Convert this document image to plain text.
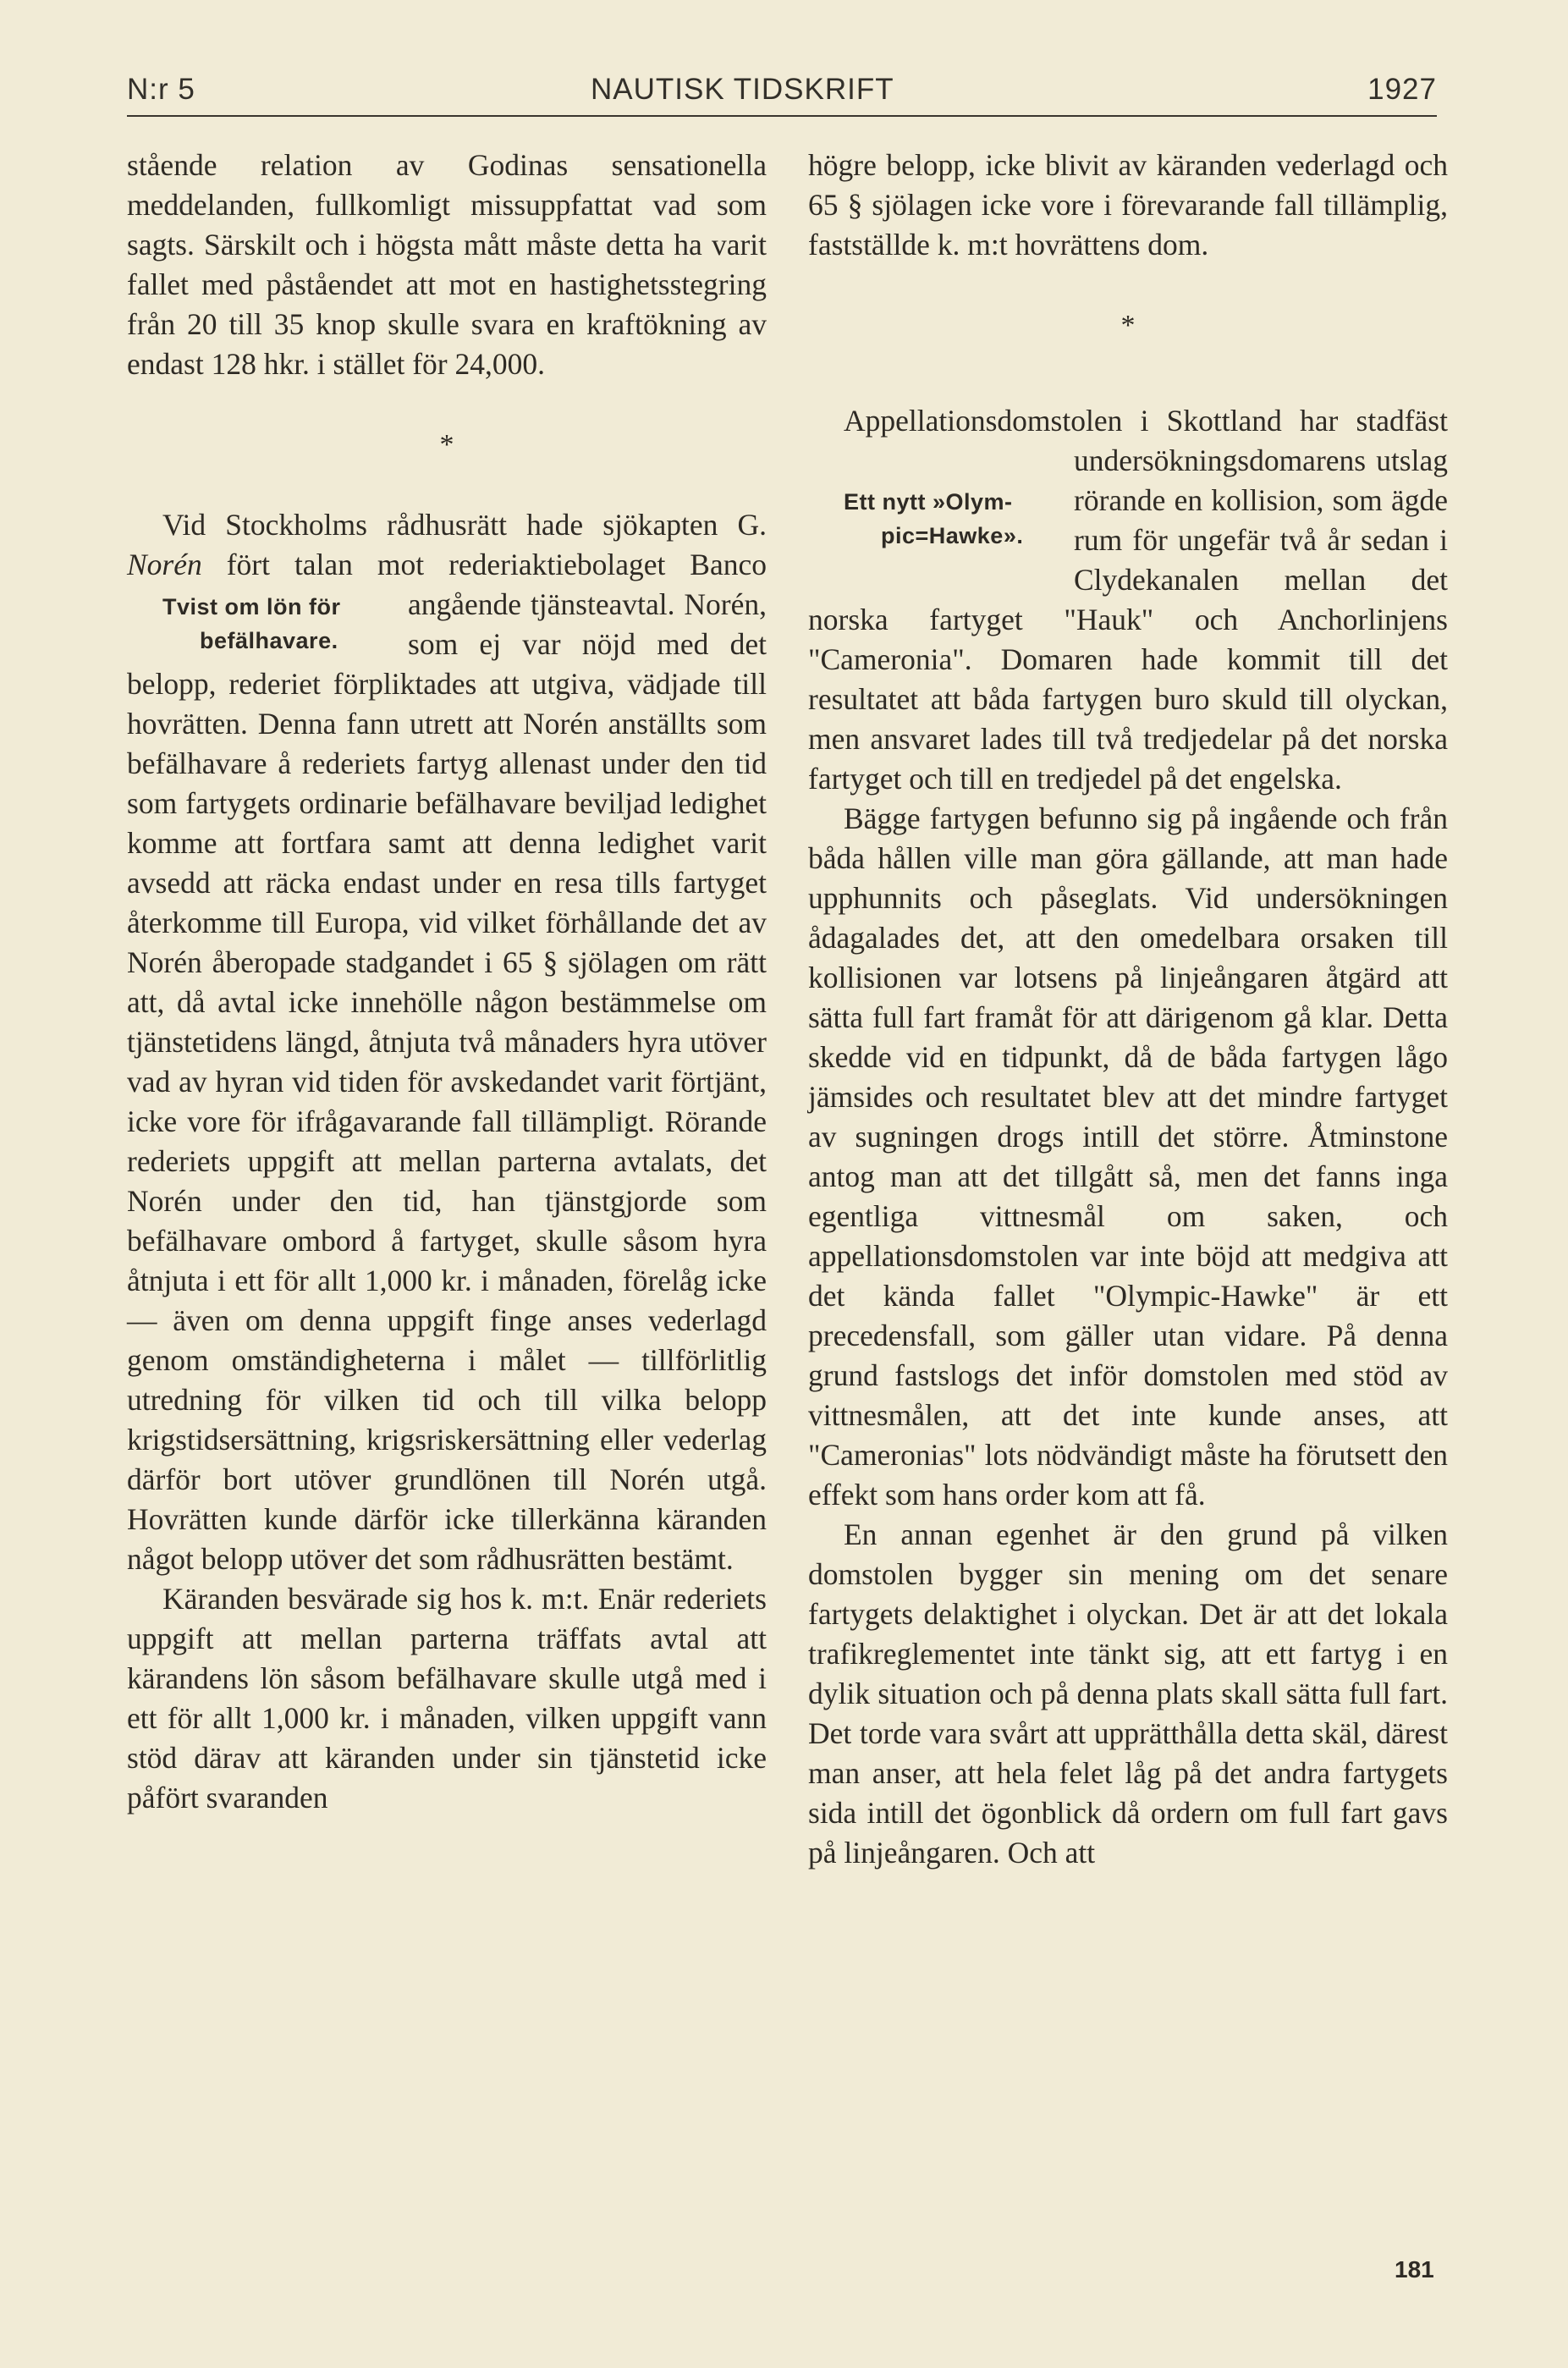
N:r 5	NAUTISK TIDSKRIFT	1927

stående relation av Godinas sensationella meddelanden, fullkomligt missuppfattat vad som sagts. Särskilt och i högsta mått måste detta ha varit fallet med påståendet att mot en hastighetsstegring från 20 till 35 knop skulle svara en kraftökning av endast 128 hkr. i stället för 24,000.

*

Vid Stockholms rådhusrätt hade sjökapten G. Norén fört talan mot rederiaktiebolaget Banco
Tvist om lön för
befälhavare.
angående tjänsteavtal. Norén, som ej var nöjd med det belopp, rederiet förpliktades att utgiva, vädjade till hovrätten. Denna fann utrett att Norén anställts som befälhavare å rederiets fartyg allenast under den tid som fartygets ordinarie befälhavare beviljad ledighet komme att fortfara samt att denna ledighet varit avsedd att räcka endast under en resa tills fartyget återkomme till Europa, vid vilket förhållande det av Norén åberopade stadgandet i 65 § sjölagen om rätt att, då avtal icke innehölle någon bestämmelse om tjänstetidens längd, åtnjuta två månaders hyra utöver vad av hyran vid tiden för avskedandet varit förtjänt, icke vore för ifrågavarande fall tillämpligt. Rörande rederiets uppgift att mellan parterna avtalats, det Norén under den tid, han tjänstgjorde som befälhavare ombord å fartyget, skulle såsom hyra åtnjuta i ett för allt 1,000 kr. i månaden, förelåg icke — även om denna uppgift finge anses vederlagd genom omständigheterna i målet — tillförlitlig utredning för vilken tid och till vilka belopp krigstidsersättning, krigsriskersättning eller vederlag därför bort utöver grundlönen till Norén utgå. Hovrätten kunde därför icke tillerkänna käranden något belopp utöver det som rådhusrätten bestämt.

Käranden besvärade sig hos k. m:t. Enär rederiets uppgift att mellan parterna träffats avtal att kärandens lön såsom befälhavare skulle utgå med i ett för allt 1,000 kr. i månaden, vilken uppgift vann stöd därav att käranden under sin tjänstetid icke påfört svaranden

högre belopp, icke blivit av käranden vederlagd och 65 § sjölagen icke vore i förevarande fall tillämplig, fastställde k. m:t hovrättens dom.

*

Appellationsdomstolen i Skottland har stadfäst undersökningsdomarens utslag
Ett nytt »Olym-
pic=Hawke».
rörande en kollision, som ägde rum för ungefär två år sedan i Clydekanalen mellan det norska fartyget "Hauk" och Anchorlinjens "Cameronia". Domaren hade kommit till det resultatet att båda fartygen buro skuld till olyckan, men ansvaret lades till två tredjedelar på det norska fartyget och till en tredjedel på det engelska.

Bägge fartygen befunno sig på ingående och från båda hållen ville man göra gällande, att man hade upphunnits och påseglats. Vid undersökningen ådagalades det, att den omedelbara orsaken till kollisionen var lotsens på linjeångaren åtgärd att sätta full fart framåt för att därigenom gå klar. Detta skedde vid en tidpunkt, då de båda fartygen lågo jämsides och resultatet blev att det mindre fartyget av sugningen drogs intill det större. Åtminstone antog man att det tillgått så, men det fanns inga egentliga vittnesmål om saken, och appellationsdomstolen var inte böjd att medgiva att det kända fallet "Olympic-Hawke" är ett precedensfall, som gäller utan vidare. På denna grund fastslogs det inför domstolen med stöd av vittnesmålen, att det inte kunde anses, att "Cameronias" lots nödvändigt måste ha förutsett den effekt som hans order kom att få.

En annan egenhet är den grund på vilken domstolen bygger sin mening om det senare fartygets delaktighet i olyckan. Det är att det lokala trafikreglementet inte tänkt sig, att ett fartyg i en dylik situation och på denna plats skall sätta full fart. Det torde vara svårt att upprätthålla detta skäl, därest man anser, att hela felet låg på det andra fartygets sida intill det ögonblick då ordern om full fart gavs på linjeångaren. Och att

181
